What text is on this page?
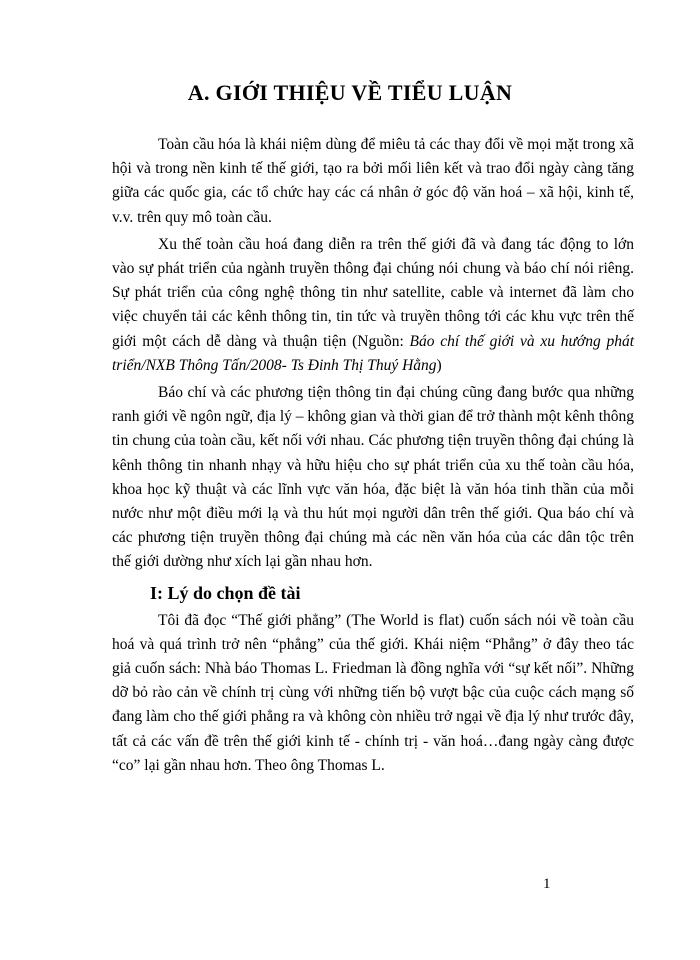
A. GIỚI THIỆU VỀ TIỂU LUẬN

Toàn cầu hóa là khái niệm dùng để miêu tả các thay đổi về mọi mặt trong xã hội và trong nền kinh tế thế giới, tạo ra bởi mối liên kết và trao đổi ngày càng tăng giữa các quốc gia, các tổ chức hay các cá nhân ở góc độ văn hoá – xã hội, kinh tế, v.v. trên quy mô toàn cầu.

Xu thế toàn cầu hoá đang diễn ra trên thế giới đã và đang tác động to lớn vào sự phát triển của ngành truyền thông đại chúng nói chung và báo chí nói riêng. Sự phát triển của công nghệ thông tin như satellite, cable và internet đã làm cho việc chuyển tải các kênh thông tin, tin tức và truyền thông tới các khu vực trên thế giới một cách dễ dàng và thuận tiện (Nguồn: Báo chí thế giới và xu hướng phát triển/NXB Thông Tấn/2008- Ts Đinh Thị Thuý Hằng)

Báo chí và các phương tiện thông tin đại chúng cũng đang bước qua những ranh giới về ngôn ngữ, địa lý – không gian và thời gian để trở thành một kênh thông tin chung của toàn cầu, kết nối với nhau. Các phương tiện truyền thông đại chúng là kênh thông tin nhanh nhạy và hữu hiệu cho sự phát triển của xu thế toàn cầu hóa, khoa học kỹ thuật và các lĩnh vực văn hóa, đặc biệt là văn hóa tinh thần của mỗi nước như một điều mới lạ và thu hút mọi người dân trên thế giới. Qua báo chí và các phương tiện truyền thông đại chúng mà các nền văn hóa của các dân tộc trên thế giới dường như xích lại gần nhau hơn.

I: Lý do chọn đề tài

Tôi đã đọc “Thế giới phẳng” (The World is flat) cuốn sách nói về toàn cầu hoá và quá trình trở nên “phẳng” của thế giới. Khái niệm “Phẳng” ở đây theo tác giả cuốn sách: Nhà báo Thomas L. Friedman là đồng nghĩa với “sự kết nối”. Những dỡ bỏ rào cản về chính trị cùng với những tiến bộ vượt bậc của cuộc cách mạng số đang làm cho thế giới phẳng ra và không còn nhiều trở ngại về địa lý như trước đây, tất cả các vấn đề trên thế giới kinh tế - chính trị - văn hoá…đang ngày càng được “co” lại gần nhau hơn. Theo ông Thomas L.

1
